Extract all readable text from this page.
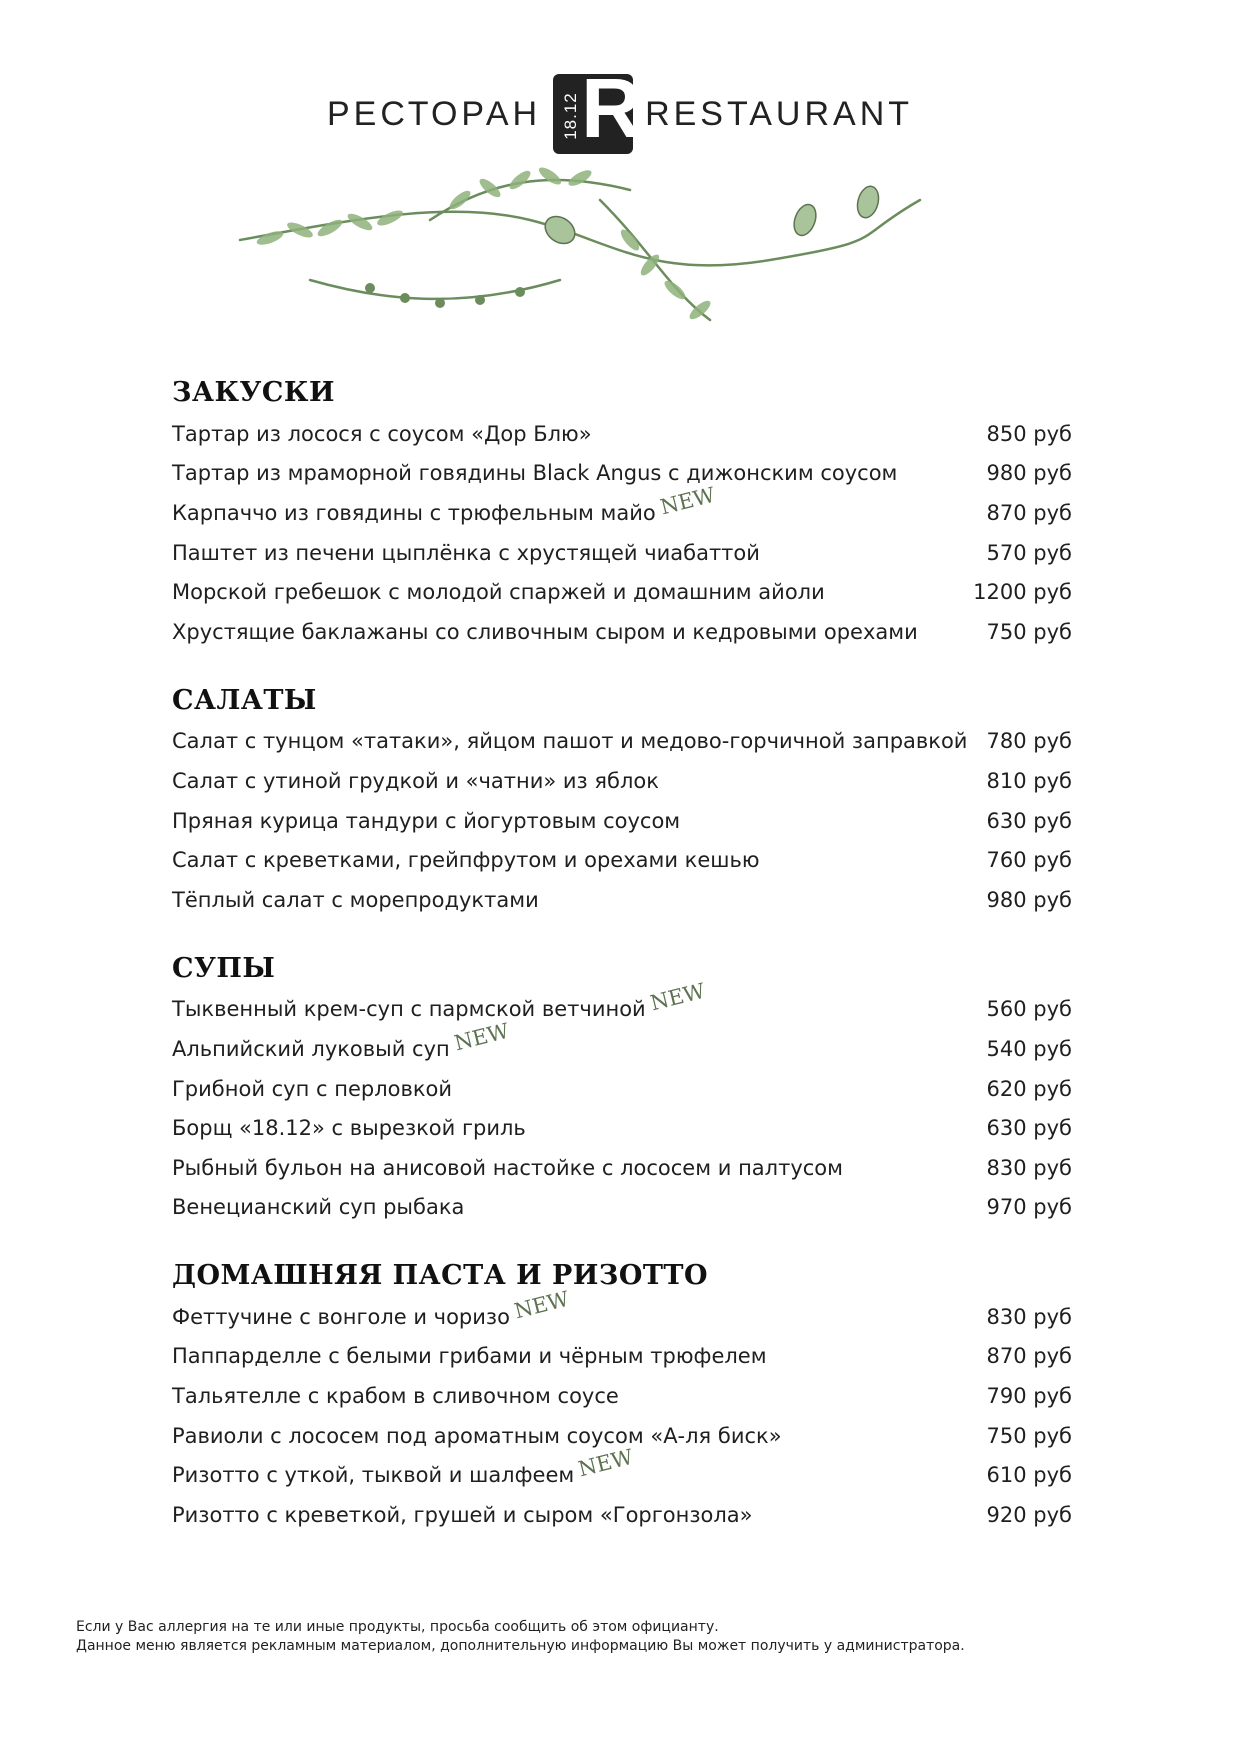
РЕСТОРАН 18.12 R RESTAURANT
ЗАКУСКИ
Тартар из лосося с соусом «Дор Блю»	850 руб
Тартар из мраморной говядины Black Angus с дижонским соусом	980 руб
Карпаччо из говядины с трюфельным майоNEW	870 руб
Паштет из печени цыплёнка с хрустящей чиабаттой	570 руб
Морской гребешок с молодой спаржей и домашним айоли	1200 руб
Хрустящие баклажаны со сливочным сыром и кедровыми орехами	750 руб
САЛАТЫ
Салат с тунцом «татаки», яйцом пашот и медово-горчичной заправкой 780 руб
Салат с утиной грудкой и «чатни» из яблок	810 руб
Пряная курица тандури с йогуртовым соусом	630 руб
Салат с креветками, грейпфрутом и орехами кешью	760 руб
Тёплый салат с морепродуктами	980 руб
СУПЫ
Тыквенный крем-суп с пармской ветчинойNEW	560 руб
Альпийский луковый супNEW	540 руб
Грибной суп с перловкой	620 руб
Борщ «18.12» с вырезкой гриль	630 руб
Рыбный бульон на анисовой настойке с лососем и палтусом	830 руб
Венецианский суп рыбака	970 руб
ДОМАШНЯЯ ПАСТА И РИЗОТТО
Феттучине с вонголе и чоризоNEW	830 руб
Паппарделле с белыми грибами и чёрным трюфелем	870 руб
Тальятелле с крабом в сливочном соусе	790 руб
Равиоли с лососем под ароматным соусом «А-ля биск»	750 руб
Ризотто с уткой, тыквой и шалфеемNEW	610 руб
Ризотто с креветкой, грушей и сыром «Горгонзола»	920 руб
Если у Вас аллергия на те или иные продукты, просьба сообщить об этом официанту.
Данное меню является рекламным материалом, дополнительную информацию Вы может получить у администратора.
